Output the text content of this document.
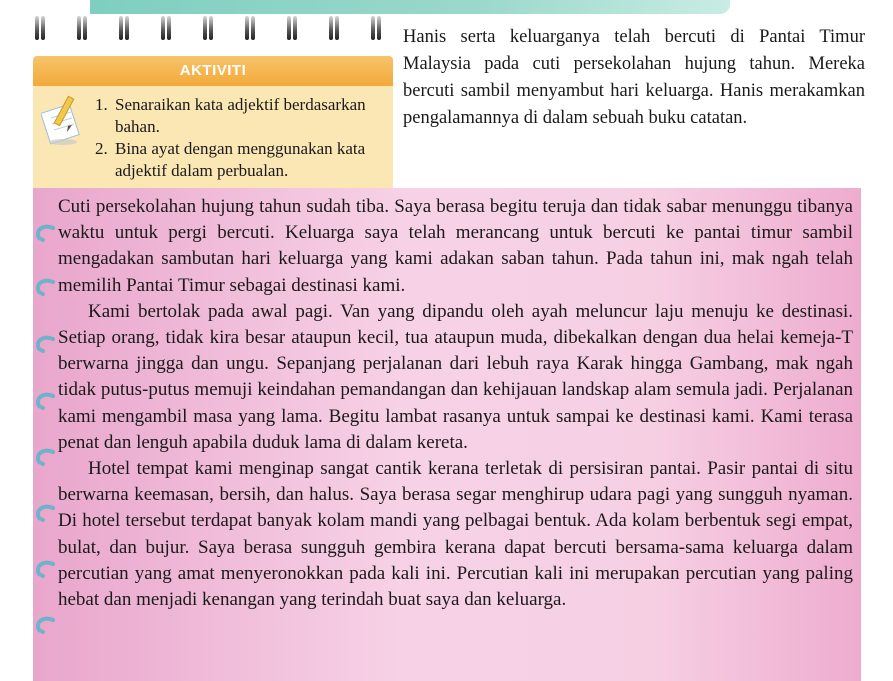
AKTIVITI
1. Senaraikan kata adjektif berdasarkan bahan.
2. Bina ayat dengan menggunakan kata adjektif dalam perbualan.

Hanis serta keluarganya telah bercuti di Pantai Timur Malaysia pada cuti persekolahan hujung tahun. Mereka bercuti sambil menyambut hari keluarga. Hanis merakamkan pengalamannya di dalam sebuah buku catatan.

Cuti persekolahan hujung tahun sudah tiba. Saya berasa begitu teruja dan tidak sabar menunggu tibanya waktu untuk pergi bercuti. Keluarga saya telah merancang untuk bercuti ke pantai timur sambil mengadakan sambutan hari keluarga yang kami adakan saban tahun. Pada tahun ini, mak ngah telah memilih Pantai Timur sebagai destinasi kami.

Kami bertolak pada awal pagi. Van yang dipandu oleh ayah meluncur laju menuju ke destinasi. Setiap orang, tidak kira besar ataupun kecil, tua ataupun muda, dibekalkan dengan dua helai kemeja-T berwarna jingga dan ungu. Sepanjang perjalanan dari lebuh raya Karak hingga Gambang, mak ngah tidak putus-putus memuji keindahan pemandangan dan kehijauan landskap alam semula jadi. Perjalanan kami mengambil masa yang lama. Begitu lambat rasanya untuk sampai ke destinasi kami. Kami terasa penat dan lenguh apabila duduk lama di dalam kereta.

Hotel tempat kami menginap sangat cantik kerana terletak di persisiran pantai. Pasir pantai di situ berwarna keemasan, bersih, dan halus. Saya berasa segar menghirup udara pagi yang sungguh nyaman. Di hotel tersebut terdapat banyak kolam mandi yang pelbagai bentuk. Ada kolam berbentuk segi empat, bulat, dan bujur. Saya berasa sungguh gembira kerana dapat bercuti bersama-sama keluarga dalam percutian yang amat menyeronokkan pada kali ini. Percutian kali ini merupakan percutian yang paling hebat dan menjadi kenangan yang terindah buat saya dan keluarga.
